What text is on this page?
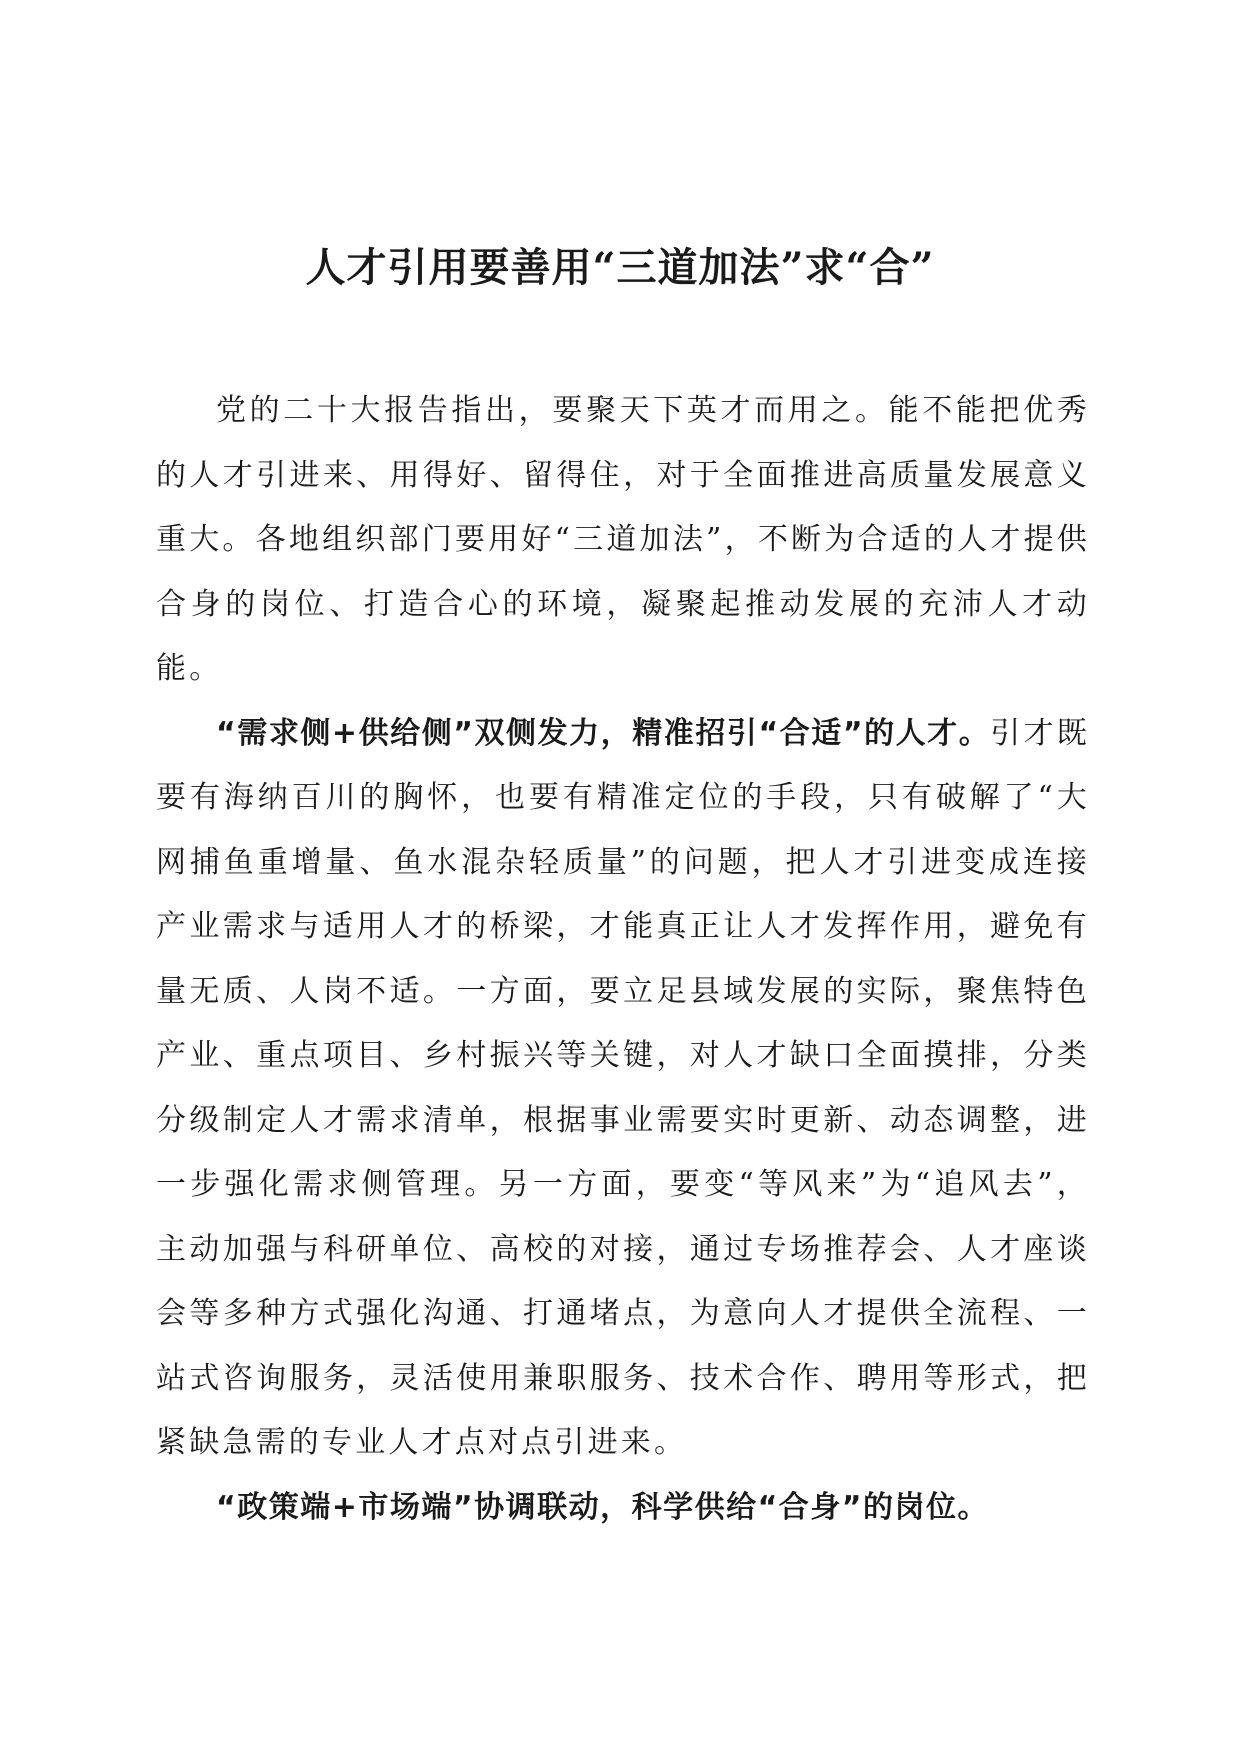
人才引用要善用“三道加法”求“合”

党的二十大报告指出，要聚天下英才而用之。能不能把优秀的人才引进来、用得好、留得住，对于全面推进高质量发展意义重大。各地组织部门要用好“三道加法”，不断为合适的人才提供合身的岗位、打造合心的环境，凝聚起推动发展的充沛人才动能。

“需求侧+供给侧”双侧发力，精准招引“合适”的人才。引才既要有海纳百川的胸怀，也要有精准定位的手段，只有破解了“大网捕鱼重增量、鱼水混杂轻质量”的问题，把人才引进变成连接产业需求与适用人才的桥梁，才能真正让人才发挥作用，避免有量无质、人岗不适。一方面，要立足县域发展的实际，聚焦特色产业、重点项目、乡村振兴等关键，对人才缺口全面摸排，分类分级制定人才需求清单，根据事业需要实时更新、动态调整，进一步强化需求侧管理。另一方面，要变“等风来”为“追风去”，主动加强与科研单位、高校的对接，通过专场推荐会、人才座谈会等多种方式强化沟通、打通堵点，为意向人才提供全流程、一站式咨询服务，灵活使用兼职服务、技术合作、聘用等形式，把紧缺急需的专业人才点对点引进来。

“政策端+市场端”协调联动，科学供给“合身”的岗位。
